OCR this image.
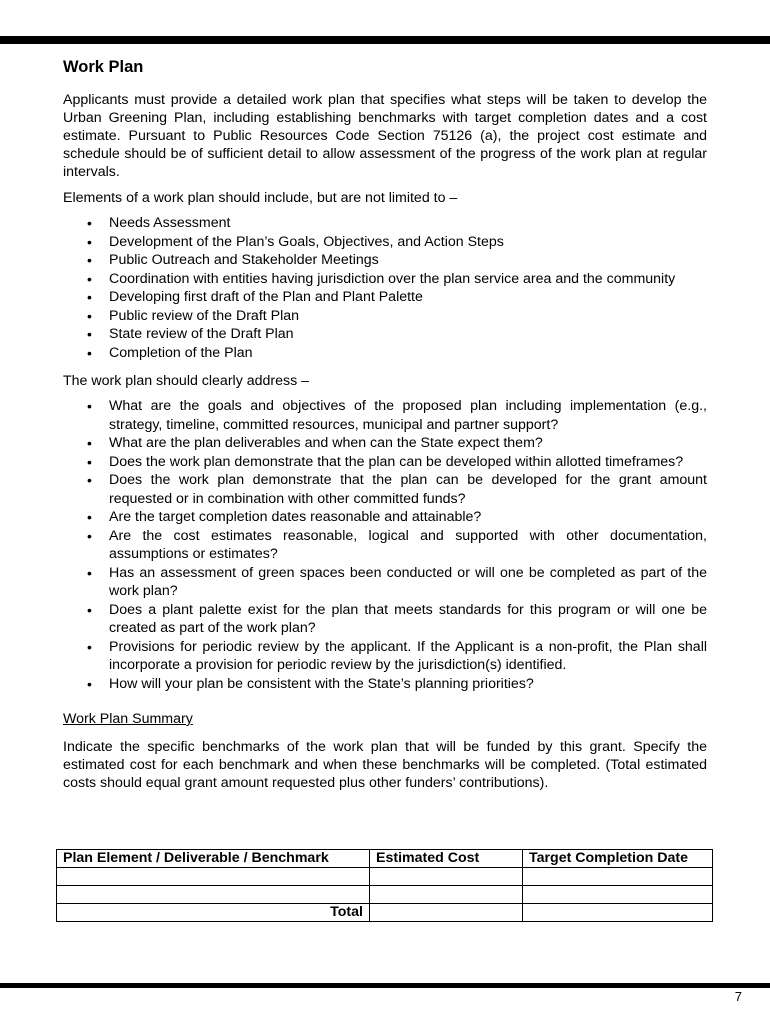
Work Plan

Applicants must provide a detailed work plan that specifies what steps will be taken to develop the Urban Greening Plan, including establishing benchmarks with target completion dates and a cost estimate. Pursuant to Public Resources Code Section 75126 (a), the project cost estimate and schedule should be of sufficient detail to allow assessment of the progress of the work plan at regular intervals.

Elements of a work plan should include, but are not limited to –

• Needs Assessment
• Development of the Plan’s Goals, Objectives, and Action Steps
• Public Outreach and Stakeholder Meetings
• Coordination with entities having jurisdiction over the plan service area and the community
• Developing first draft of the Plan and Plant Palette
• Public review of the Draft Plan
• State review of the Draft Plan
• Completion of the Plan

The work plan should clearly address –

• What are the goals and objectives of the proposed plan including implementation (e.g., strategy, timeline, committed resources, municipal and partner support?
• What are the plan deliverables and when can the State expect them?
• Does the work plan demonstrate that the plan can be developed within allotted timeframes?
• Does the work plan demonstrate that the plan can be developed for the grant amount requested or in combination with other committed funds?
• Are the target completion dates reasonable and attainable?
• Are the cost estimates reasonable, logical and supported with other documentation, assumptions or estimates?
• Has an assessment of green spaces been conducted or will one be completed as part of the work plan?
• Does a plant palette exist for the plan that meets standards for this program or will one be created as part of the work plan?
• Provisions for periodic review by the applicant. If the Applicant is a non-profit, the Plan shall incorporate a provision for periodic review by the jurisdiction(s) identified.
• How will your plan be consistent with the State’s planning priorities?
Work Plan Summary

Indicate the specific benchmarks of the work plan that will be funded by this grant. Specify the estimated cost for each benchmark and when these benchmarks will be completed. (Total estimated costs should equal grant amount requested plus other funders’ contributions).

Plan Element / Deliverable / Benchmark	Estimated Cost	Target Completion Date

Total		
7
